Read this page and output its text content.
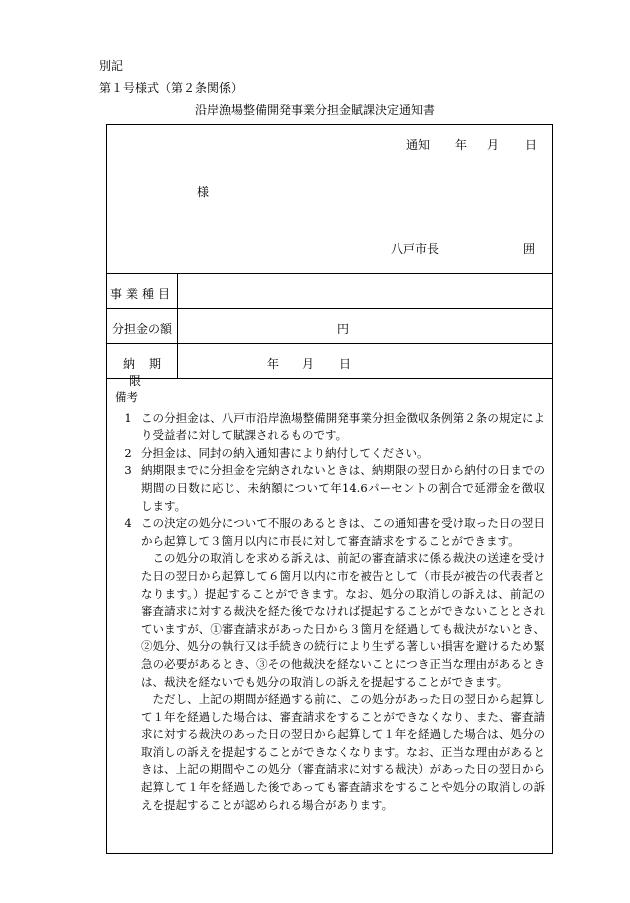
別記
第１号様式（第２条関係）
沿岸漁場整備開発事業分担金賦課決定通知書
通知 年 月 日
様
八戸市長	囲
事業種目
分担金の額	円
納期限
年 月 日

備考

1 この分担金は、八戸市沿岸漁場整備開発事業分担金徴収条例第２条の規定により受益者に対して賦課されるものです。
2 分担金は、同封の納入通知書により納付してください。
3 納期限までに分担金を完納されないときは、納期限の翌日から納付の日までの期間の日数に応じ、未納額について年14.6パーセントの割合で延滞金を徴収します。
4 この決定の処分について不服のあるときは、この通知書を受け取った日の翌日から起算して３箇月以内に市長に対して審査請求をすることができます。

この処分の取消しを求める訴えは、前記の審査請求に係る裁決の送達を受けた日の翌日から起算して６箇月以内に市を被告として（市長が被告の代表者となります。）提起することができます。なお、処分の取消しの訴えは、前記の審査請求に対する裁決を経た後でなければ提起することができないこととされていますが、①審査請求があった日から３箇月を経過しても裁決がないとき、②処分、処分の執行又は手続きの続行により生ずる著しい損害を避けるため緊急の必要があるとき、③その他裁決を経ないことにつき正当な理由があるときは、裁決を経ないでも処分の取消しの訴えを提起することができます。

ただし、上記の期間が経過する前に、この処分があった日の翌日から起算して１年を経過した場合は、審査請求をすることができなくなり、また、審査請求に対する裁決のあった日の翌日から起算して１年を経過した場合は、処分の取消しの訴えを提起することができなくなります。なお、正当な理由があるときは、上記の期間やこの処分（審査請求に対する裁決）があった日の翌日から起算して１年を経過した後であっても審査請求をすることや処分の取消しの訴えを提起することが認められる場合があります。
